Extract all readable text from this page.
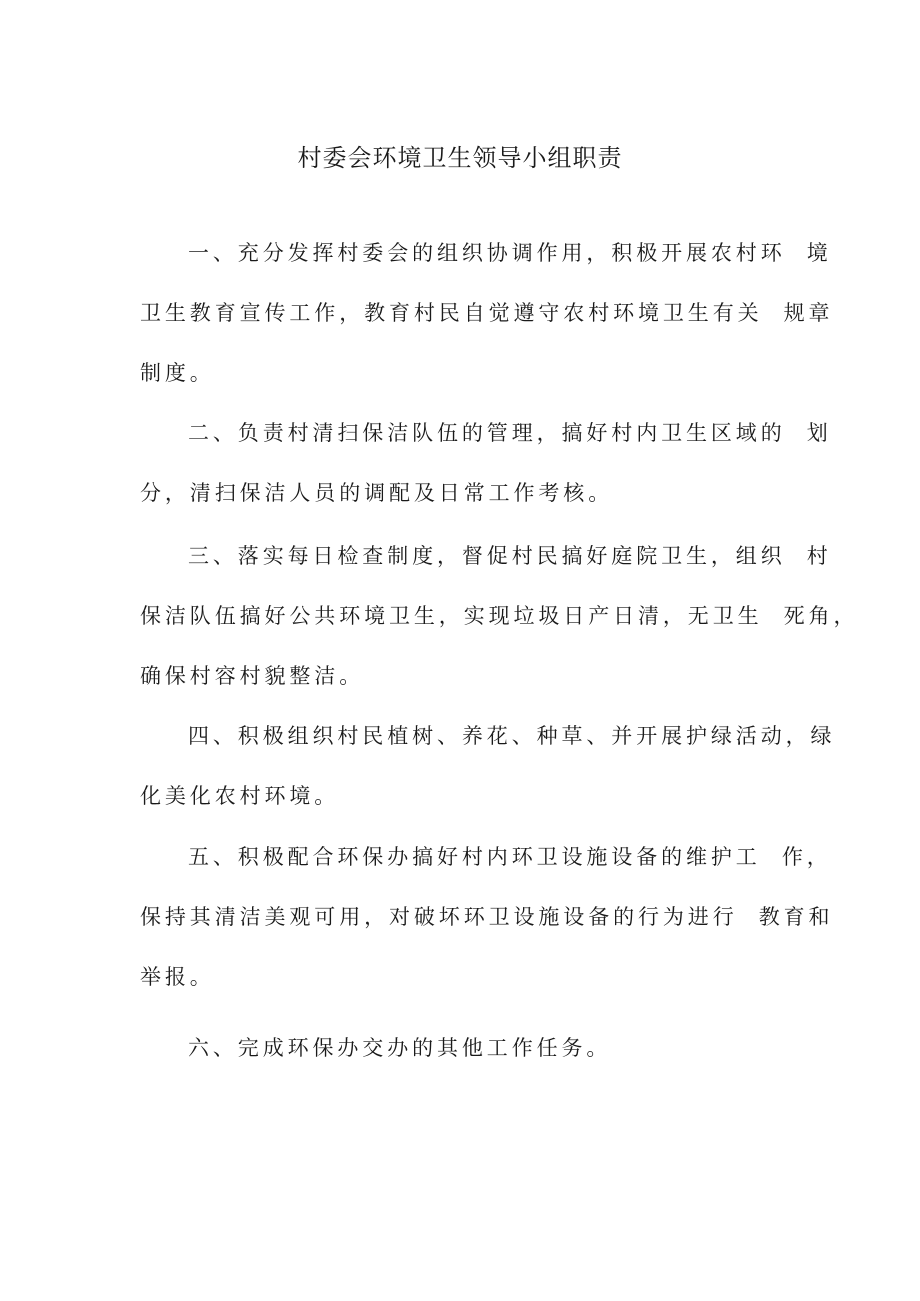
村委会环境卫生领导小组职责
一、充分发挥村委会的组织协调作用，积极开展农村环  境
卫生教育宣传工作，教育村民自觉遵守农村环境卫生有关  规章
制度。
二、负责村清扫保洁队伍的管理，搞好村内卫生区域的  划
分，清扫保洁人员的调配及日常工作考核。
三、落实每日检查制度，督促村民搞好庭院卫生，组织  村
保洁队伍搞好公共环境卫生，实现垃圾日产日清，无卫生  死角，
确保村容村貌整洁。
四、积极组织村民植树、养花、种草、并开展护绿活动，绿
化美化农村环境。
五、积极配合环保办搞好村内环卫设施设备的维护工  作，
保持其清洁美观可用，对破坏环卫设施设备的行为进行  教育和
举报。
六、完成环保办交办的其他工作任务。
